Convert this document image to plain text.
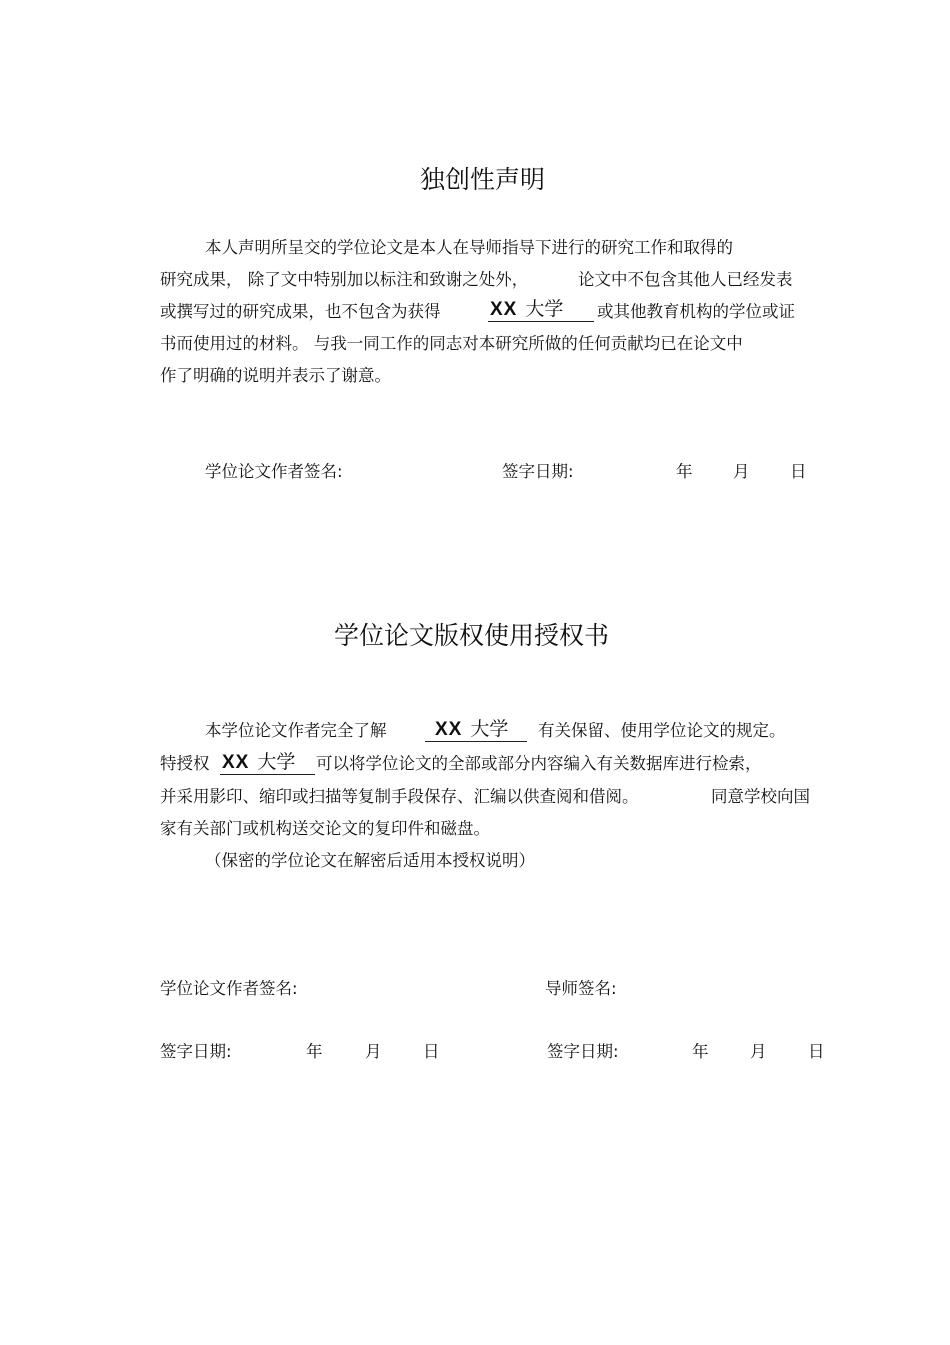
独创性声明
本人声明所呈交的学位论文是本人在导师指导下进行的研究工作和取得的
研究成果， 除了文中特别加以标注和致谢之处外，	论文中不包含其他人已经发表
或撰写过的研究成果，也不包含为获得	XX 大学	或其他教育机构的学位或证
书而使用过的材料。 与我一同工作的同志对本研究所做的任何贡献均已在论文中
作了明确的说明并表示了谢意。
学位论文作者签名:	签字日期:	年 月 日
学位论文版权使用授权书
本学位论文作者完全了解	XX 大学	有关保留、使用学位论文的规定。
特授权 XX 大学	可以将学位论文的全部或部分内容编入有关数据库进行检索，
并采用影印、缩印或扫描等复制手段保存、汇编以供查阅和借阅。	同意学校向国
家有关部门或机构送交论文的复印件和磁盘。
（保密的学位论文在解密后适用本授权说明）
学位论文作者签名:	导师签名:
签字日期:	年	月	日	签字日期:	年	月	日
